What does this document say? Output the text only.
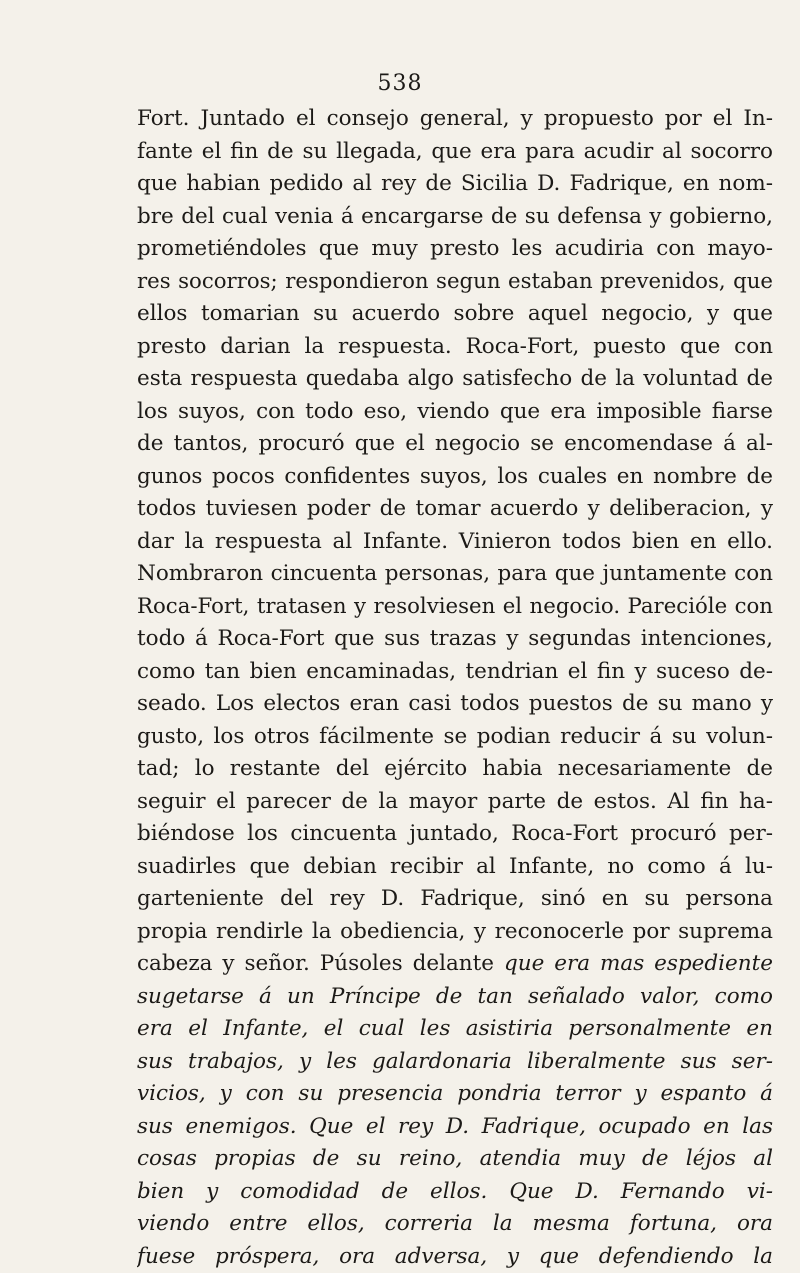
538
Fort. Juntado el consejo general, y propuesto por el In-
fante el fin de su llegada, que era para acudir al socorro
que habian pedido al rey de Sicilia D. Fadrique, en nom-
bre del cual venia á encargarse de su defensa y gobierno,
prometiéndoles que muy presto les acudiria con mayo-
res socorros; respondieron segun estaban prevenidos, que
ellos tomarian su acuerdo sobre aquel negocio, y que
presto darian la respuesta. Roca-Fort, puesto que con
esta respuesta quedaba algo satisfecho de la voluntad de
los suyos, con todo eso, viendo que era imposible fiarse
de tantos, procuró que el negocio se encomendase á al-
gunos pocos confidentes suyos, los cuales en nombre de
todos tuviesen poder de tomar acuerdo y deliberacion, y
dar la respuesta al Infante. Vinieron todos bien en ello.
Nombraron cincuenta personas, para que juntamente con
Roca-Fort, tratasen y resolviesen el negocio. Parecióle con
todo á Roca-Fort que sus trazas y segundas intenciones,
como tan bien encaminadas, tendrian el fin y suceso de-
seado. Los electos eran casi todos puestos de su mano y
gusto, los otros fácilmente se podian reducir á su volun-
tad; lo restante del ejército habia necesariamente de
seguir el parecer de la mayor parte de estos. Al fin ha-
biéndose los cincuenta juntado, Roca-Fort procuró per-
suadirles que debian recibir al Infante, no como á lu-
garteniente del rey D. Fadrique, sinó en su persona
propia rendirle la obediencia, y reconocerle por suprema
cabeza y señor. Púsoles delante que era mas espediente
sugetarse á un Príncipe de tan señalado valor, como
era el Infante, el cual les asistiria personalmente en
sus trabajos, y les galardonaria liberalmente sus ser-
vicios, y con su presencia pondria terror y espanto á
sus enemigos. Que el rey D. Fadrique, ocupado en las
cosas propias de su reino, atendia muy de léjos al
bien y comodidad de ellos. Que D. Fernando vi-
viendo entre ellos, correria la mesma fortuna, ora
fuese próspera, ora adversa, y que defendiendo la
